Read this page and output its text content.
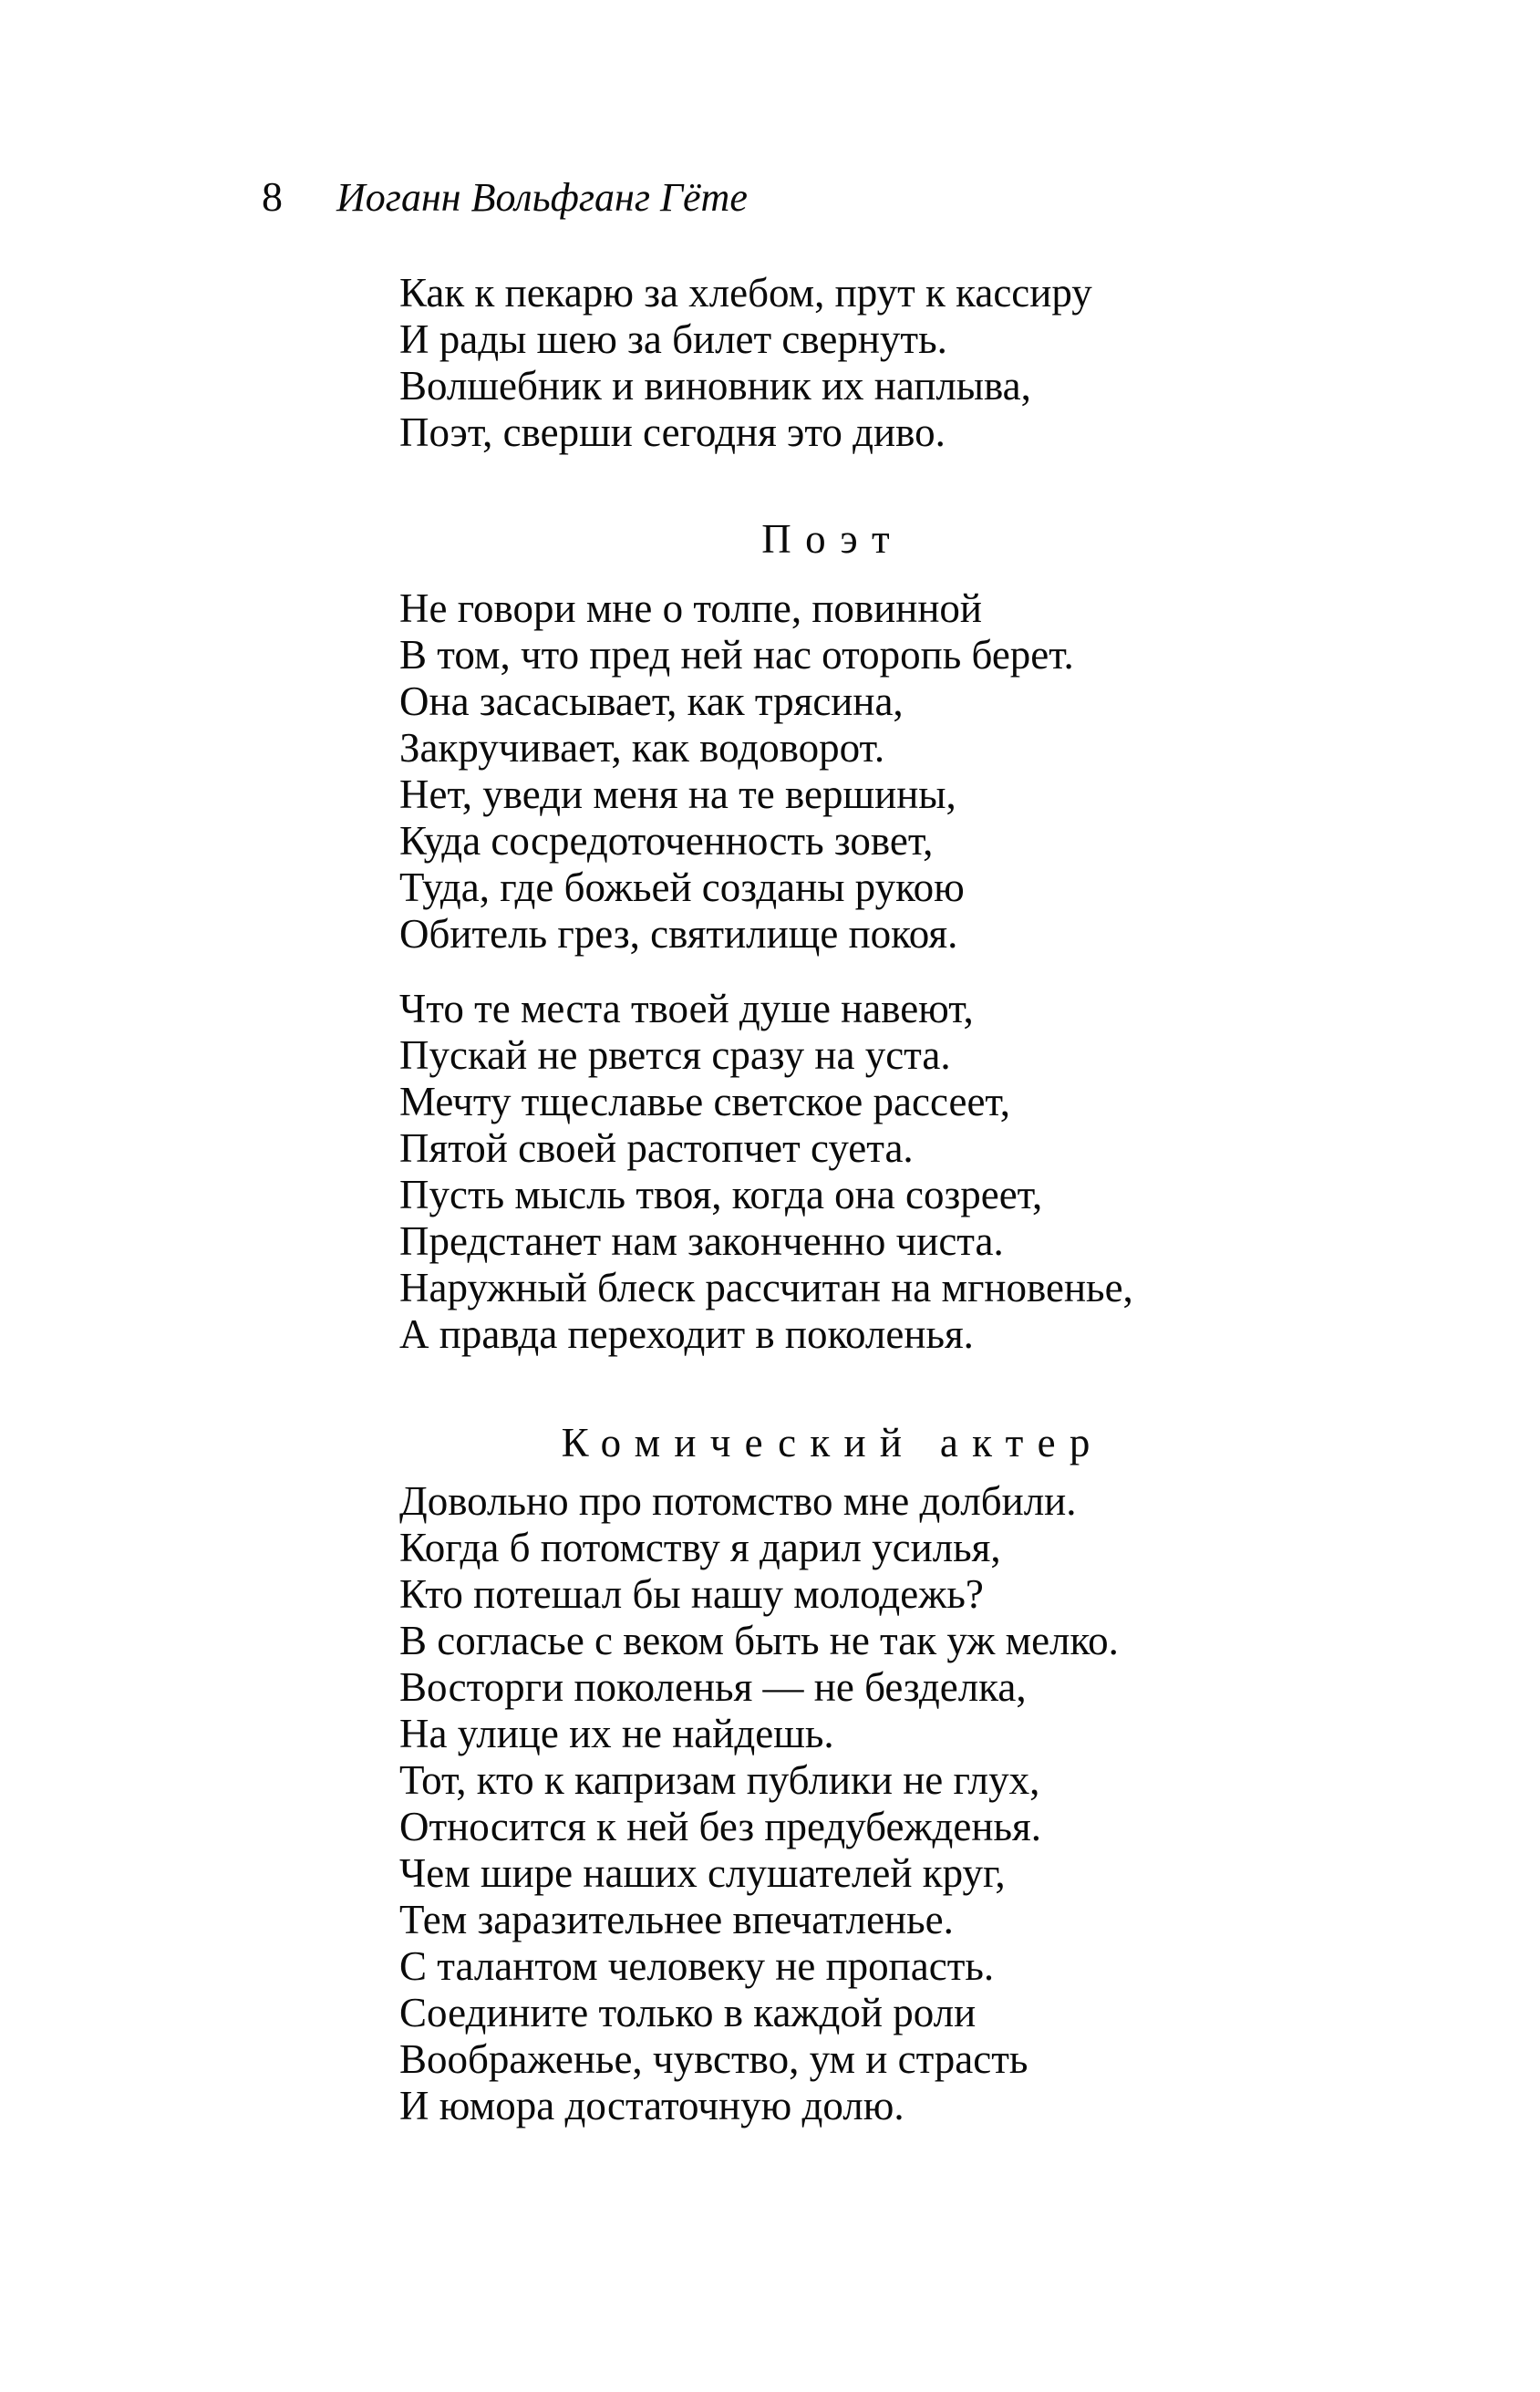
8 Иоганн Вольфганг Гёте
Как к пекарю за хлебом, прут к кассиру
И рады шею за билет свернуть.
Волшебник и виновник их наплыва,
Поэт, сверши сегодня это диво.
Поэт
Не говори мне о толпе, повинной
В том, что пред ней нас оторопь берет.
Она засасывает, как трясина,
Закручивает, как водоворот.
Нет, уведи меня на те вершины,
Куда сосредоточенность зовет,
Туда, где божьей созданы рукою
Обитель грез, святилище покоя.
Что те места твоей душе навеют,
Пускай не рвется сразу на уста.
Мечту тщеславье светское рассеет,
Пятой своей растопчет суета.
Пусть мысль твоя, когда она созреет,
Предстанет нам законченно чиста.
Наружный блеск рассчитан на мгновенье,
А правда переходит в поколенья.
Комический актер
Довольно про потомство мне долбили.
Когда б потомству я дарил усилья,
Кто потешал бы нашу молодежь?
В согласье с веком быть не так уж мелко.
Восторги поколенья — не безделка,
На улице их не найдешь.
Тот, кто к капризам публики не глух,
Относится к ней без предубежденья.
Чем шире наших слушателей круг,
Тем заразительнее впечатленье.
С талантом человеку не пропасть.
Соедините только в каждой роли
Воображенье, чувство, ум и страсть
И юмора достаточную долю.
